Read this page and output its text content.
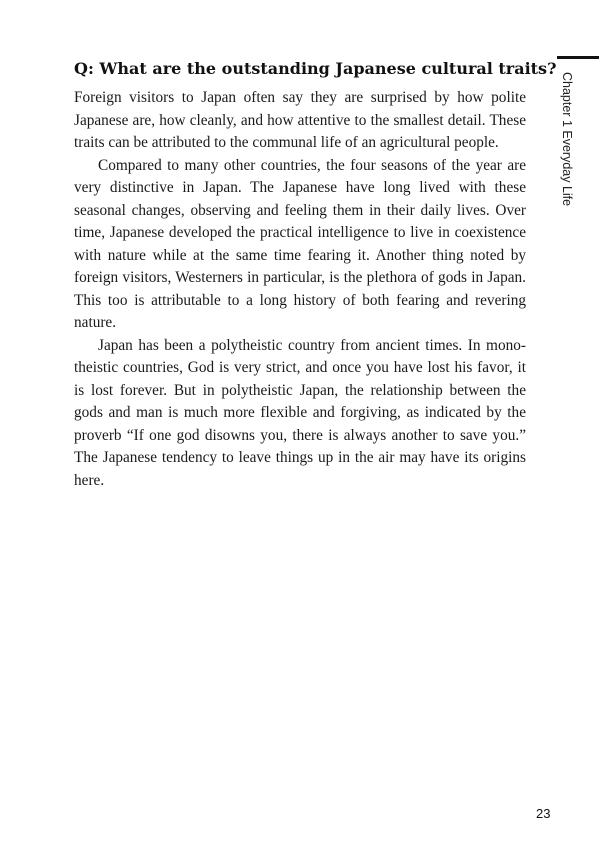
Q: What are the outstanding Japanese cultural traits?

Foreign visitors to Japan often say they are surprised by how polite Japanese are, how cleanly, and how attentive to the smallest detail. These traits can be attributed to the communal life of an agricultural people.

Compared to many other countries, the four seasons of the year are very distinctive in Japan. The Japanese have long lived with these seasonal changes, observing and feeling them in their daily lives. Over time, Japanese developed the practical intelligence to live in coexistence with nature while at the same time fearing it. Another thing noted by foreign visitors, Westerners in particular, is the plethora of gods in Japan. This too is attributable to a long history of both fearing and revering nature.

Japan has been a polytheistic country from ancient times. In mono-theistic countries, God is very strict, and once you have lost his favor, it is lost forever. But in polytheistic Japan, the relationship between the gods and man is much more flexible and forgiving, as indicated by the proverb “If one god disowns you, there is always another to save you.” The Japanese tendency to leave things up in the air may have its origins here.

Chapter 1 Everyday Life
23
